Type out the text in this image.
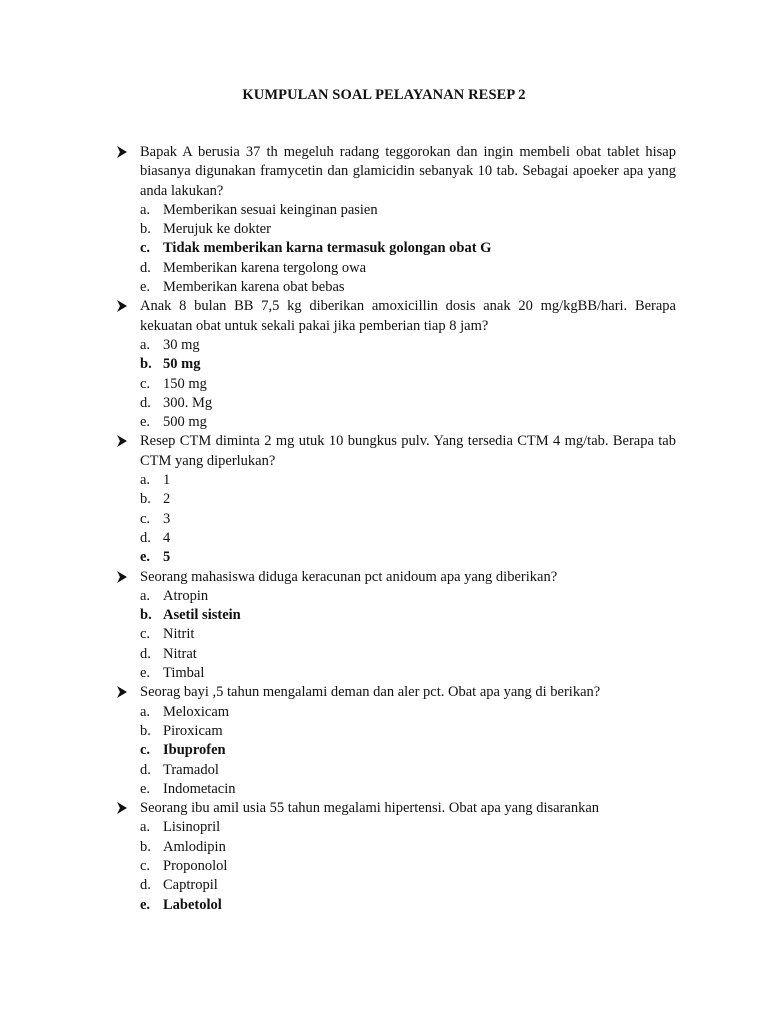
KUMPULAN SOAL PELAYANAN RESEP 2
Bapak A berusia 37 th megeluh radang teggorokan dan ingin membeli obat tablet hisap biasanya digunakan framycetin dan glamicidin sebanyak 10 tab. Sebagai apoeker apa yang anda lakukan?
a. Memberikan sesuai keinginan pasien
b. Merujuk ke dokter
c. Tidak memberikan karna termasuk golongan obat G
d. Memberikan karena tergolong owa
e. Memberikan karena obat bebas
Anak 8 bulan BB 7,5 kg diberikan amoxicillin dosis anak 20 mg/kgBB/hari. Berapa kekuatan obat untuk sekali pakai jika pemberian tiap 8 jam?
a. 30 mg
b. 50 mg
c. 150 mg
d. 300. Mg
e. 500 mg
Resep CTM diminta 2 mg utuk 10 bungkus pulv. Yang tersedia CTM 4 mg/tab. Berapa tab CTM yang diperlukan?
a. 1
b. 2
c. 3
d. 4
e. 5
Seorang mahasiswa diduga keracunan pct anidoum apa yang diberikan?
a. Atropin
b. Asetil sistein
c. Nitrit
d. Nitrat
e. Timbal
Seorag bayi ,5 tahun mengalami deman dan aler pct. Obat apa yang di berikan?
a. Meloxicam
b. Piroxicam
c. Ibuprofen
d. Tramadol
e. Indometacin
Seorang ibu amil usia 55 tahun megalami hipertensi. Obat apa yang disarankan
a. Lisinopril
b. Amlodipin
c. Proponolol
d. Captropil
e. Labetolol
